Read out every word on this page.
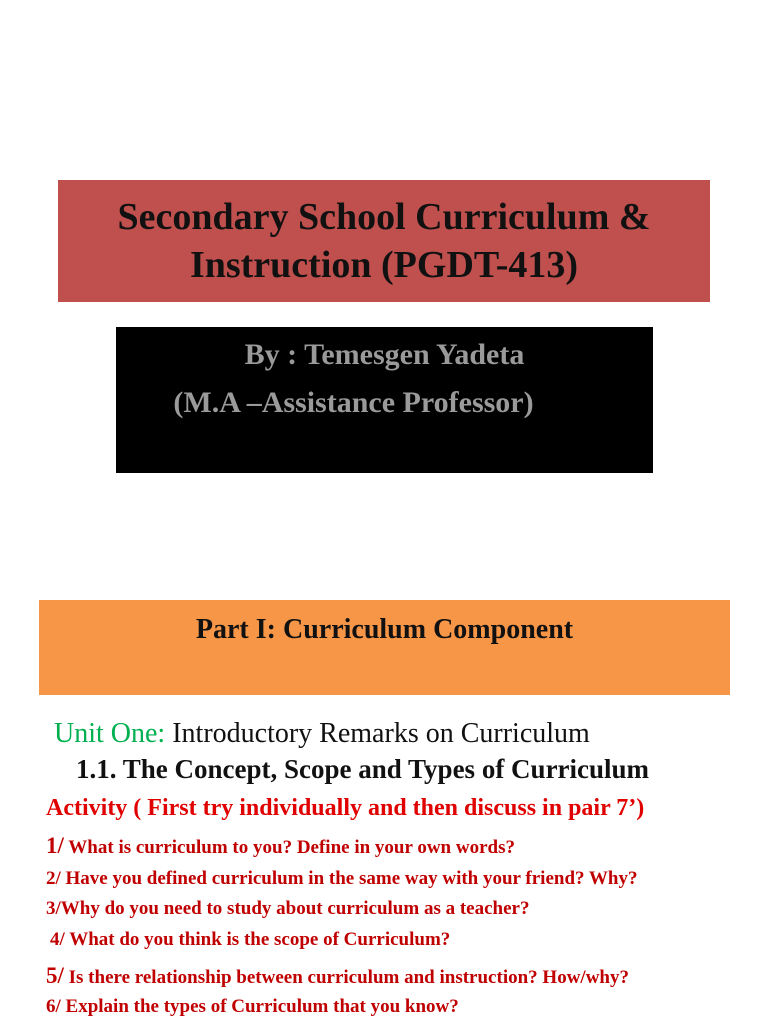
Secondary School Curriculum &
Instruction (PGDT-413)
By : Temesgen Yadeta
(M.A –Assistance Professor)
Part I: Curriculum Component
Unit One: Introductory Remarks on Curriculum
1.1. The Concept, Scope and Types of Curriculum
Activity ( First try individually and then discuss in pair 7’)
1/ What is curriculum to you? Define in your own words?
2/ Have you defined curriculum in the same way with your friend? Why?
3/Why do you need to study about curriculum as a teacher?
4/ What do you think is the scope of Curriculum?
5/ Is there relationship between curriculum and instruction? How/why?
6/ Explain the types of Curriculum that you know?
